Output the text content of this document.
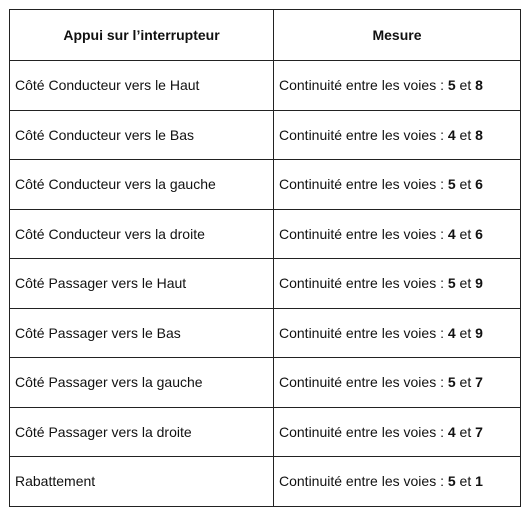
Appui sur l’interrupteur	Mesure
Côté Conducteur vers le Haut	Continuité entre les voies : 5 et 8
Côté Conducteur vers le Bas	Continuité entre les voies : 4 et 8
Côté Conducteur vers la gauche	Continuité entre les voies : 5 et 6
Côté Conducteur vers la droite	Continuité entre les voies : 4 et 6
Côté Passager vers le Haut	Continuité entre les voies : 5 et 9
Côté Passager vers le Bas	Continuité entre les voies : 4 et 9
Côté Passager vers la gauche	Continuité entre les voies : 5 et 7
Côté Passager vers la droite	Continuité entre les voies : 4 et 7
Rabattement	Continuité entre les voies : 5 et 1
